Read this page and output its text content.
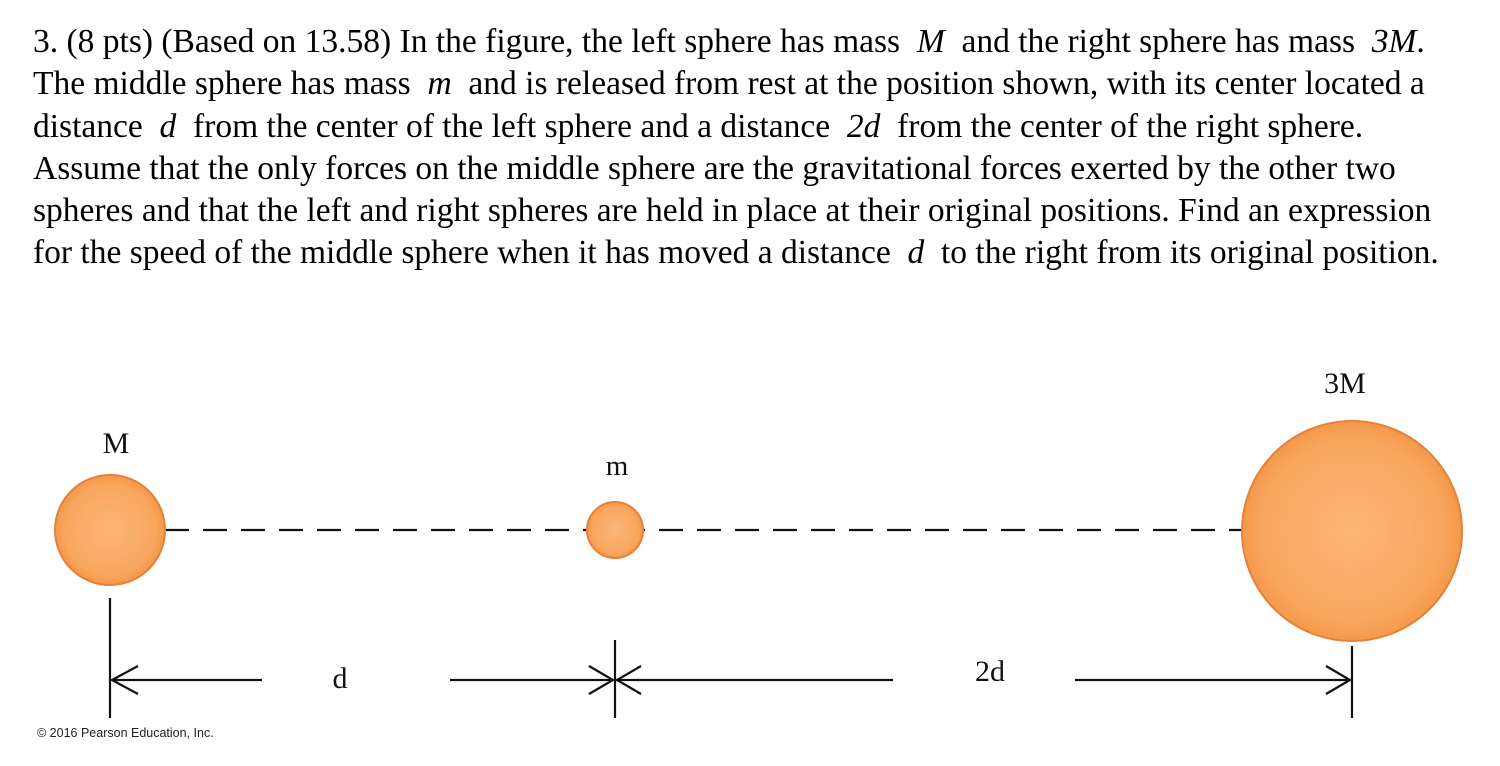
3. (8 pts) (Based on 13.58) In the figure, the left sphere has mass M and the right sphere has mass 3M. The middle sphere has mass m and is released from rest at the position shown, with its center located a distance d from the center of the left sphere and a distance 2d from the center of the right sphere. Assume that the only forces on the middle sphere are the gravitational forces exerted by the other two spheres and that the left and right spheres are held in place at their original positions. Find an expression for the speed of the middle sphere when it has moved a distance d to the right from its original position.

M
m
3M
d	2d
© 2016 Pearson Education, Inc.
